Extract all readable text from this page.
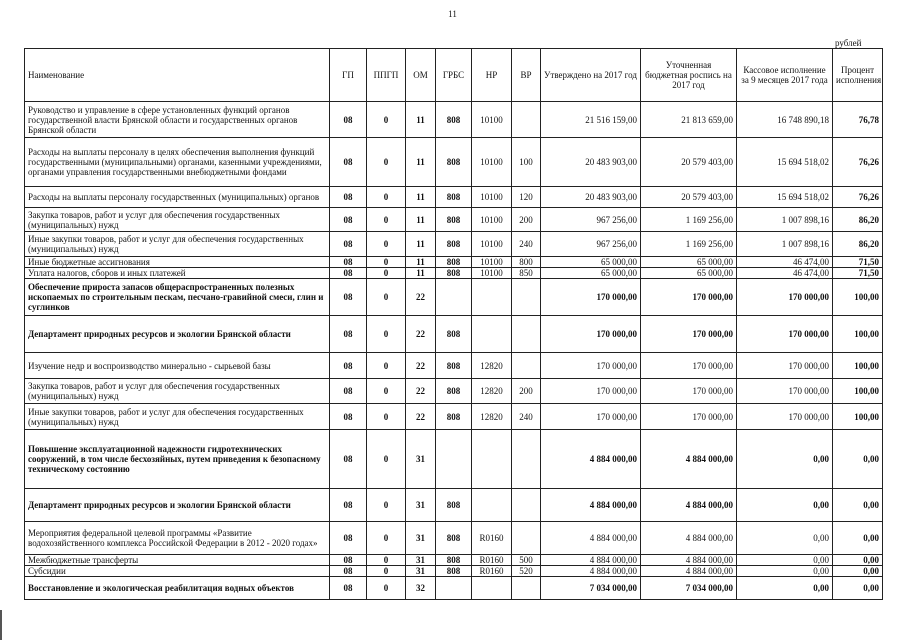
11
рублей
Наименование	ГП	ППГП	ОМ	ГРБС	НР	ВР	Утверждено на 2017 год	Уточненная бюджетная роспись на 2017 год	Кассовое исполнение за 9 месяцев 2017 года	Процент исполнения
Руководство и управление в сфере установленных функций органов государственной власти Брянской области и государственных органов Брянской области	08	0	11	808	10100		21 516 159,00	21 813 659,00	16 748 890,18	76,78
Расходы на выплаты персоналу в целях обеспечения выполнения функций государственными (муниципальными) органами, казенными учреждениями, органами управления государственными внебюджетными фондами	08	0	11	808	10100	100	20 483 903,00	20 579 403,00	15 694 518,02	76,26
Расходы на выплаты персоналу государственных (муниципальных) органов	08	0	11	808	10100	120	20 483 903,00	20 579 403,00	15 694 518,02	76,26
Закупка товаров, работ и услуг для обеспечения государственных (муниципальных) нужд	08	0	11	808	10100	200	967 256,00	1 169 256,00	1 007 898,16	86,20
Иные закупки товаров, работ и услуг для обеспечения государственных (муниципальных) нужд	08	0	11	808	10100	240	967 256,00	1 169 256,00	1 007 898,16	86,20
Иные бюджетные ассигнования	08	0	11	808	10100	800	65 000,00	65 000,00	46 474,00	71,50
Уплата налогов, сборов и иных платежей	08	0	11	808	10100	850	65 000,00	65 000,00	46 474,00	71,50
Обеспечение прироста запасов общераспространенных полезных ископаемых по строительным пескам, песчано-гравийной смеси, глин и суглинков	08	0	22				170 000,00	170 000,00	170 000,00	100,00
Департамент природных ресурсов и экологии Брянской области	08	0	22	808			170 000,00	170 000,00	170 000,00	100,00
Изучение недр и воспроизводство минерально - сырьевой базы	08	0	22	808	12820		170 000,00	170 000,00	170 000,00	100,00
Закупка товаров, работ и услуг для обеспечения государственных (муниципальных) нужд	08	0	22	808	12820	200	170 000,00	170 000,00	170 000,00	100,00
Иные закупки товаров, работ и услуг для обеспечения государственных (муниципальных) нужд	08	0	22	808	12820	240	170 000,00	170 000,00	170 000,00	100,00
Повышение эксплуатационной надежности гидротехнических сооружений, в том числе бесхозяйных, путем приведения к безопасному техническому состоянию	08	0	31				4 884 000,00	4 884 000,00	0,00	0,00
Департамент природных ресурсов и экологии Брянской области	08	0	31	808			4 884 000,00	4 884 000,00	0,00	0,00
Мероприятия федеральной целевой программы «Развитие водохозяйственного комплекса Российской Федерации в 2012 - 2020 годах»	08	0	31	808	R0160		4 884 000,00	4 884 000,00	0,00	0,00
Межбюджетные трансферты	08	0	31	808	R0160	500	4 884 000,00	4 884 000,00	0,00	0,00
Субсидии	08	0	31	808	R0160	520	4 884 000,00	4 884 000,00	0,00	0,00
Восстановление и экологическая реабилитация водных объектов	08	0	32				7 034 000,00	7 034 000,00	0,00	0,00
